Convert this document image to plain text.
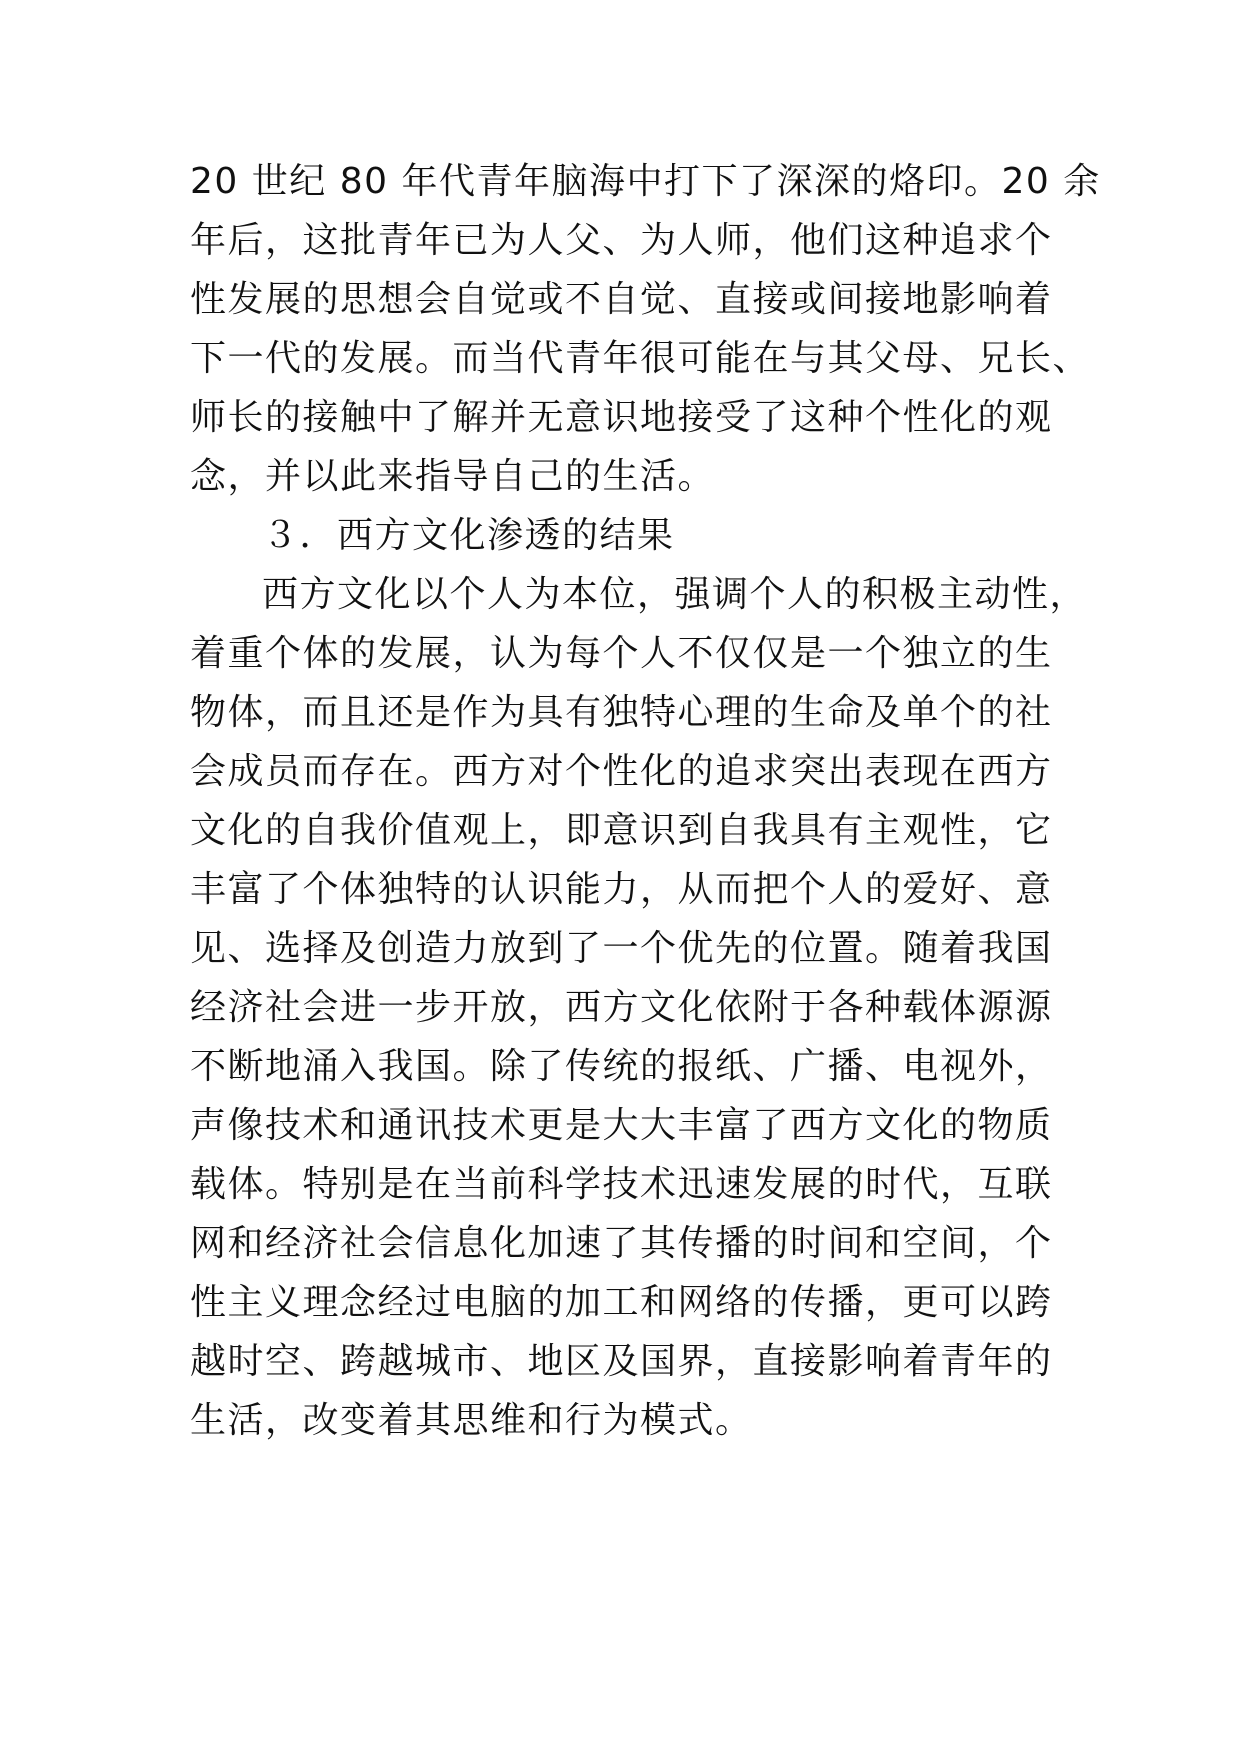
20 世纪 80 年代青年脑海中打下了深深的烙印。20 余
年后，这批青年已为人父、为人师，他们这种追求个
性发展的思想会自觉或不自觉、直接或间接地影响着
下一代的发展。而当代青年很可能在与其父母、兄长、
师长的接触中了解并无意识地接受了这种个性化的观
念，并以此来指导自己的生活。
３．西方文化渗透的结果
西方文化以个人为本位，强调个人的积极主动性，
着重个体的发展，认为每个人不仅仅是一个独立的生
物体，而且还是作为具有独特心理的生命及单个的社
会成员而存在。西方对个性化的追求突出表现在西方
文化的自我价值观上，即意识到自我具有主观性，它
丰富了个体独特的认识能力，从而把个人的爱好、意
见、选择及创造力放到了一个优先的位置。随着我国
经济社会进一步开放，西方文化依附于各种载体源源
不断地涌入我国。除了传统的报纸、广播、电视外，
声像技术和通讯技术更是大大丰富了西方文化的物质
载体。特别是在当前科学技术迅速发展的时代，互联
网和经济社会信息化加速了其传播的时间和空间，个
性主义理念经过电脑的加工和网络的传播，更可以跨
越时空、跨越城市、地区及国界，直接影响着青年的
生活，改变着其思维和行为模式。
